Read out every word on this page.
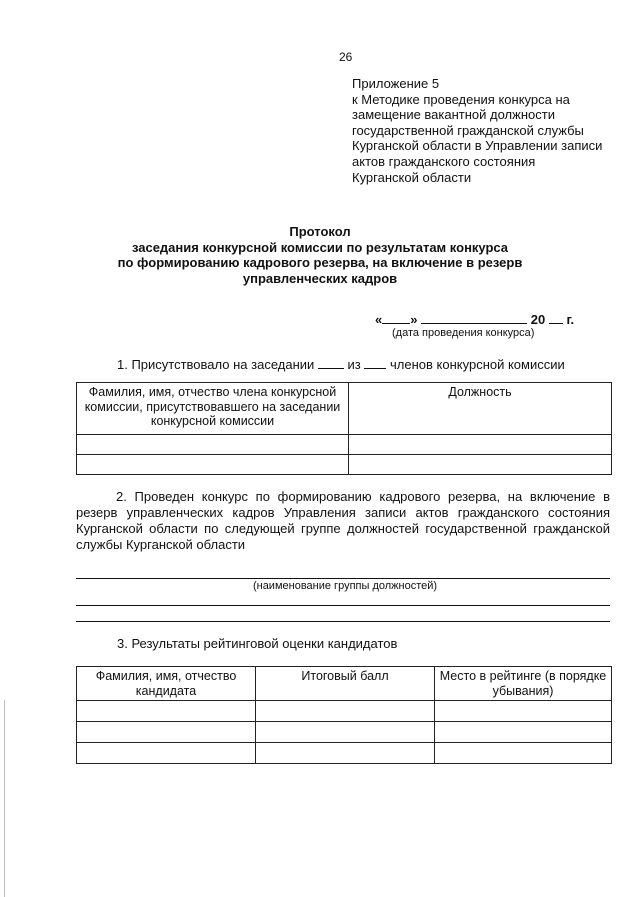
26
Приложение 5
к Методике проведения конкурса на
замещение вакантной должности
государственной гражданской службы
Курганской области в Управлении записи
актов гражданского состояния
Курганской области
Протокол
заседания конкурсной комиссии по результатам конкурса
по формированию кадрового резерва, на включение в резерв
управленческих кадров
« »	20 г.
(дата проведения конкурса)
1. Присутствовало на заседании	из членов конкурсной комиссии
Фамилия, имя, отчество члена конкурсной комиссии, присутствовавшего на заседании конкурсной комиссии	Должность

2. Проведен конкурс по формированию кадрового резерва, на включение в резерв управленческих кадров Управления записи актов гражданского состояния Курганской области по следующей группе должностей государственной гражданской службы Курганской области
(наименование группы должностей)
3. Результаты рейтинговой оценки кандидатов
Фамилия, имя, отчество кандидата	Итоговый балл	Место в рейтинге (в порядке убывания)
